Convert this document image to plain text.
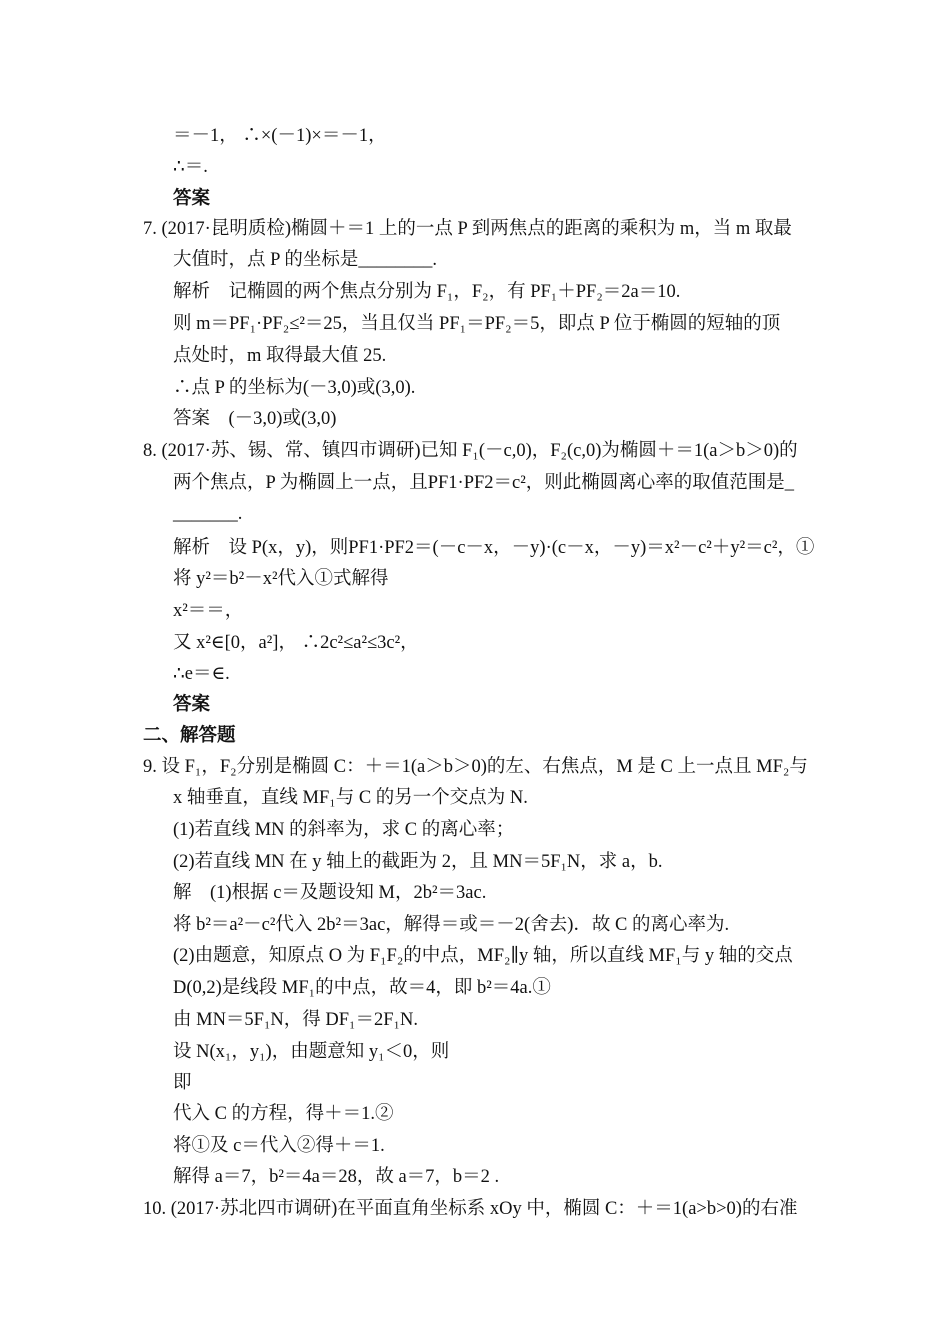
＝－1， ∴×(－1)×＝－1，
∴＝.
答案
7. (2017·昆明质检)椭圆＋＝1 上的一点 P 到两焦点的距离的乘积为 m，当 m 取最
大值时，点 P 的坐标是________.
解析　记椭圆的两个焦点分别为 F₁，F₂，有 PF₁＋PF₂＝2a＝10.
则 m＝PF₁·PF₂≤²＝25，当且仅当 PF₁＝PF₂＝5，即点 P 位于椭圆的短轴的顶
点处时，m 取得最大值 25.
∴点 P 的坐标为(－3,0)或(3,0).
答案　(－3,0)或(3,0)
8. (2017·苏、锡、常、镇四市调研)已知 F₁(－c,0)，F₂(c,0)为椭圆＋＝1(a＞b＞0)的
两个焦点，P 为椭圆上一点，且PF1·PF2＝c²，则此椭圆离心率的取值范围是_
_______.
解析　设 P(x，y)，则PF1·PF2＝(－c－x，－y)·(c－x，－y)＝x²－c²＋y²＝c²，①
将 y²＝b²－x²代入①式解得
x²＝＝，
又 x²∈[0，a²]， ∴2c²≤a²≤3c²，
∴e＝∈.
答案
二、解答题
9. 设 F₁，F₂分别是椭圆 C：＋＝1(a＞b＞0)的左、右焦点，M 是 C 上一点且 MF₂与
x 轴垂直，直线 MF₁与 C 的另一个交点为 N.
(1)若直线 MN 的斜率为，求 C 的离心率；
(2)若直线 MN 在 y 轴上的截距为 2，且 MN＝5F₁N，求 a，b.
解　(1)根据 c＝及题设知 M，2b²＝3ac.
将 b²＝a²－c²代入 2b²＝3ac，解得＝或＝－2(舍去)．故 C 的离心率为.
(2)由题意，知原点 O 为 F₁F₂的中点，MF₂∥y 轴，所以直线 MF₁与 y 轴的交点
D(0,2)是线段 MF₁的中点，故＝4，即 b²＝4a.①
由 MN＝5F₁N，得 DF₁＝2F₁N.
设 N(x₁，y₁)，由题意知 y₁＜0，则
即
代入 C 的方程，得＋＝1.②
将①及 c＝代入②得＋＝1.
解得 a＝7，b²＝4a＝28，故 a＝7，b＝2 .
10. (2017·苏北四市调研)在平面直角坐标系 xOy 中，椭圆 C：＋＝1(a>b>0)的右准
